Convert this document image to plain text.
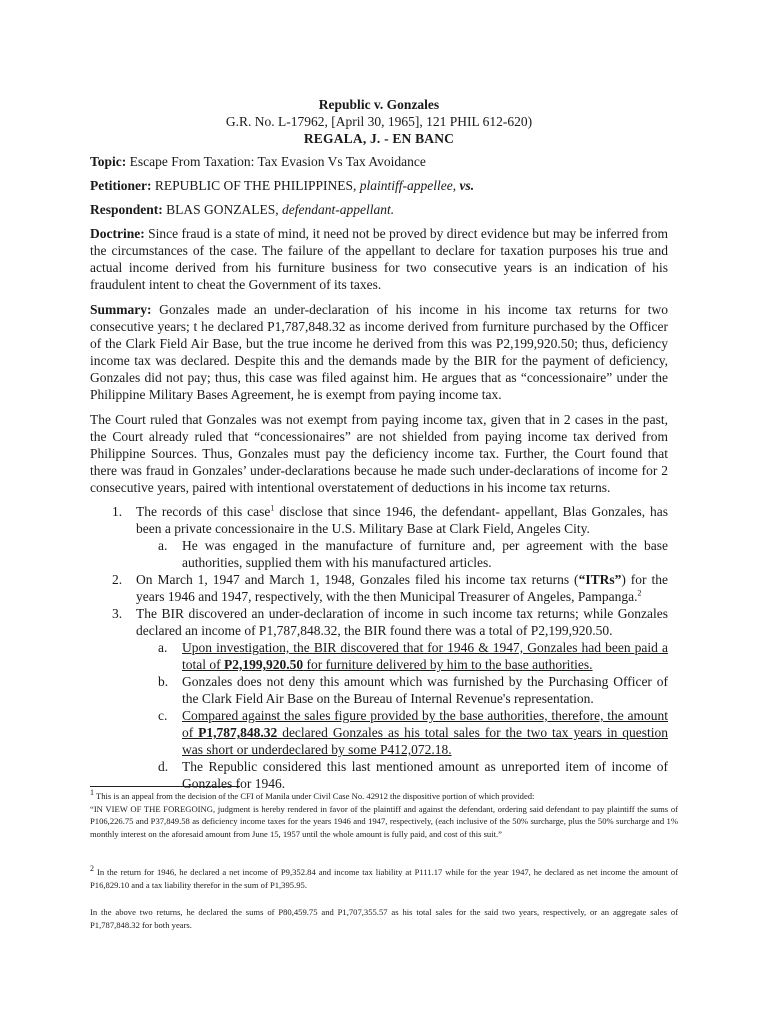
Republic v. Gonzales
G.R. No. L-17962, [April 30, 1965], 121 PHIL 612-620)
REGALA, J. - EN BANC

Topic: Escape From Taxation: Tax Evasion Vs Tax Avoidance

Petitioner: REPUBLIC OF THE PHILIPPINES, plaintiff-appellee, vs.

Respondent: BLAS GONZALES, defendant-appellant.

Doctrine: Since fraud is a state of mind, it need not be proved by direct evidence but may be inferred from the circumstances of the case. The failure of the appellant to declare for taxation purposes his true and actual income derived from his furniture business for two consecutive years is an indication of his fraudulent intent to cheat the Government of its taxes.

Summary: Gonzales made an under-declaration of his income in his income tax returns for two consecutive years; t he declared P1,787,848.32 as income derived from furniture purchased by the Officer of the Clark Field Air Base, but the true income he derived from this was P2,199,920.50; thus, deficiency income tax was declared. Despite this and the demands made by the BIR for the payment of deficiency, Gonzales did not pay; thus, this case was filed against him. He argues that as “concessionaire” under the Philippine Military Bases Agreement, he is exempt from paying income tax.

The Court ruled that Gonzales was not exempt from paying income tax, given that in 2 cases in the past, the Court already ruled that “concessionaires” are not shielded from paying income tax derived from Philippine Sources. Thus, Gonzales must pay the deficiency income tax. Further, the Court found that there was fraud in Gonzales’ under-declarations because he made such under-declarations of income for 2 consecutive years, paired with intentional overstatement of deductions in his income tax returns.

1. The records of this case$^1$ disclose that since 1946, the defendant- appellant, Blas Gonzales, has been a private concessionaire in the U.S. Military Base at Clark Field, Angeles City.
a. He was engaged in the manufacture of furniture and, per agreement with the base authorities, supplied them with his manufactured articles.
2. On March 1, 1947 and March 1, 1948, Gonzales filed his income tax returns (“ITRs”) for the years 1946 and 1947, respectively, with the then Municipal Treasurer of Angeles, Pampanga.$^2$
3. The BIR discovered an under-declaration of income in such income tax returns; while Gonzales declared an income of P1,787,848.32, the BIR found there was a total of P2,199,920.50.
a. Upon investigation, the BIR discovered that for 1946 & 1947, Gonzales had been paid a total of P2,199,920.50 for furniture delivered by him to the base authorities.
b. Gonzales does not deny this amount which was furnished by the Purchasing Officer of the Clark Field Air Base on the Bureau of Internal Revenue's representation.
c. Compared against the sales figure provided by the base authorities, therefore, the amount of P1,787,848.32 declared Gonzales as his total sales for the two tax years in question was short or underdeclared by some P412,072.18.
d. The Republic considered this last mentioned amount as unreported item of income of Gonzales for 1946.

$^1$ This is an appeal from the decision of the CFI of Manila under Civil Case No. 42912 the dispositive portion of which provided:

“IN VIEW OF THE FOREGOING, judgment is hereby rendered in favor of the plaintiff and against the defendant, ordering said defendant to pay plaintiff the sums of P106,226.75 and P37,849.58 as deficiency income taxes for the years 1946 and 1947, respectively, (each inclusive of the 50% surcharge, plus the 50% surcharge and 1% monthly interest on the aforesaid amount from June 15, 1957 until the whole amount is fully paid, and cost of this suit.”

$^2$ In the return for 1946, he declared a net income of P9,352.84 and income tax liability at P111.17 while for the year 1947, he declared as net income the amount of P16,829.10 and a tax liability therefor in the sum of P1,395.95.

In the above two returns, he declared the sums of P80,459.75 and P1,707,355.57 as his total sales for the said two years, respectively, or an aggregate sales of P1,787,848.32 for both years.
